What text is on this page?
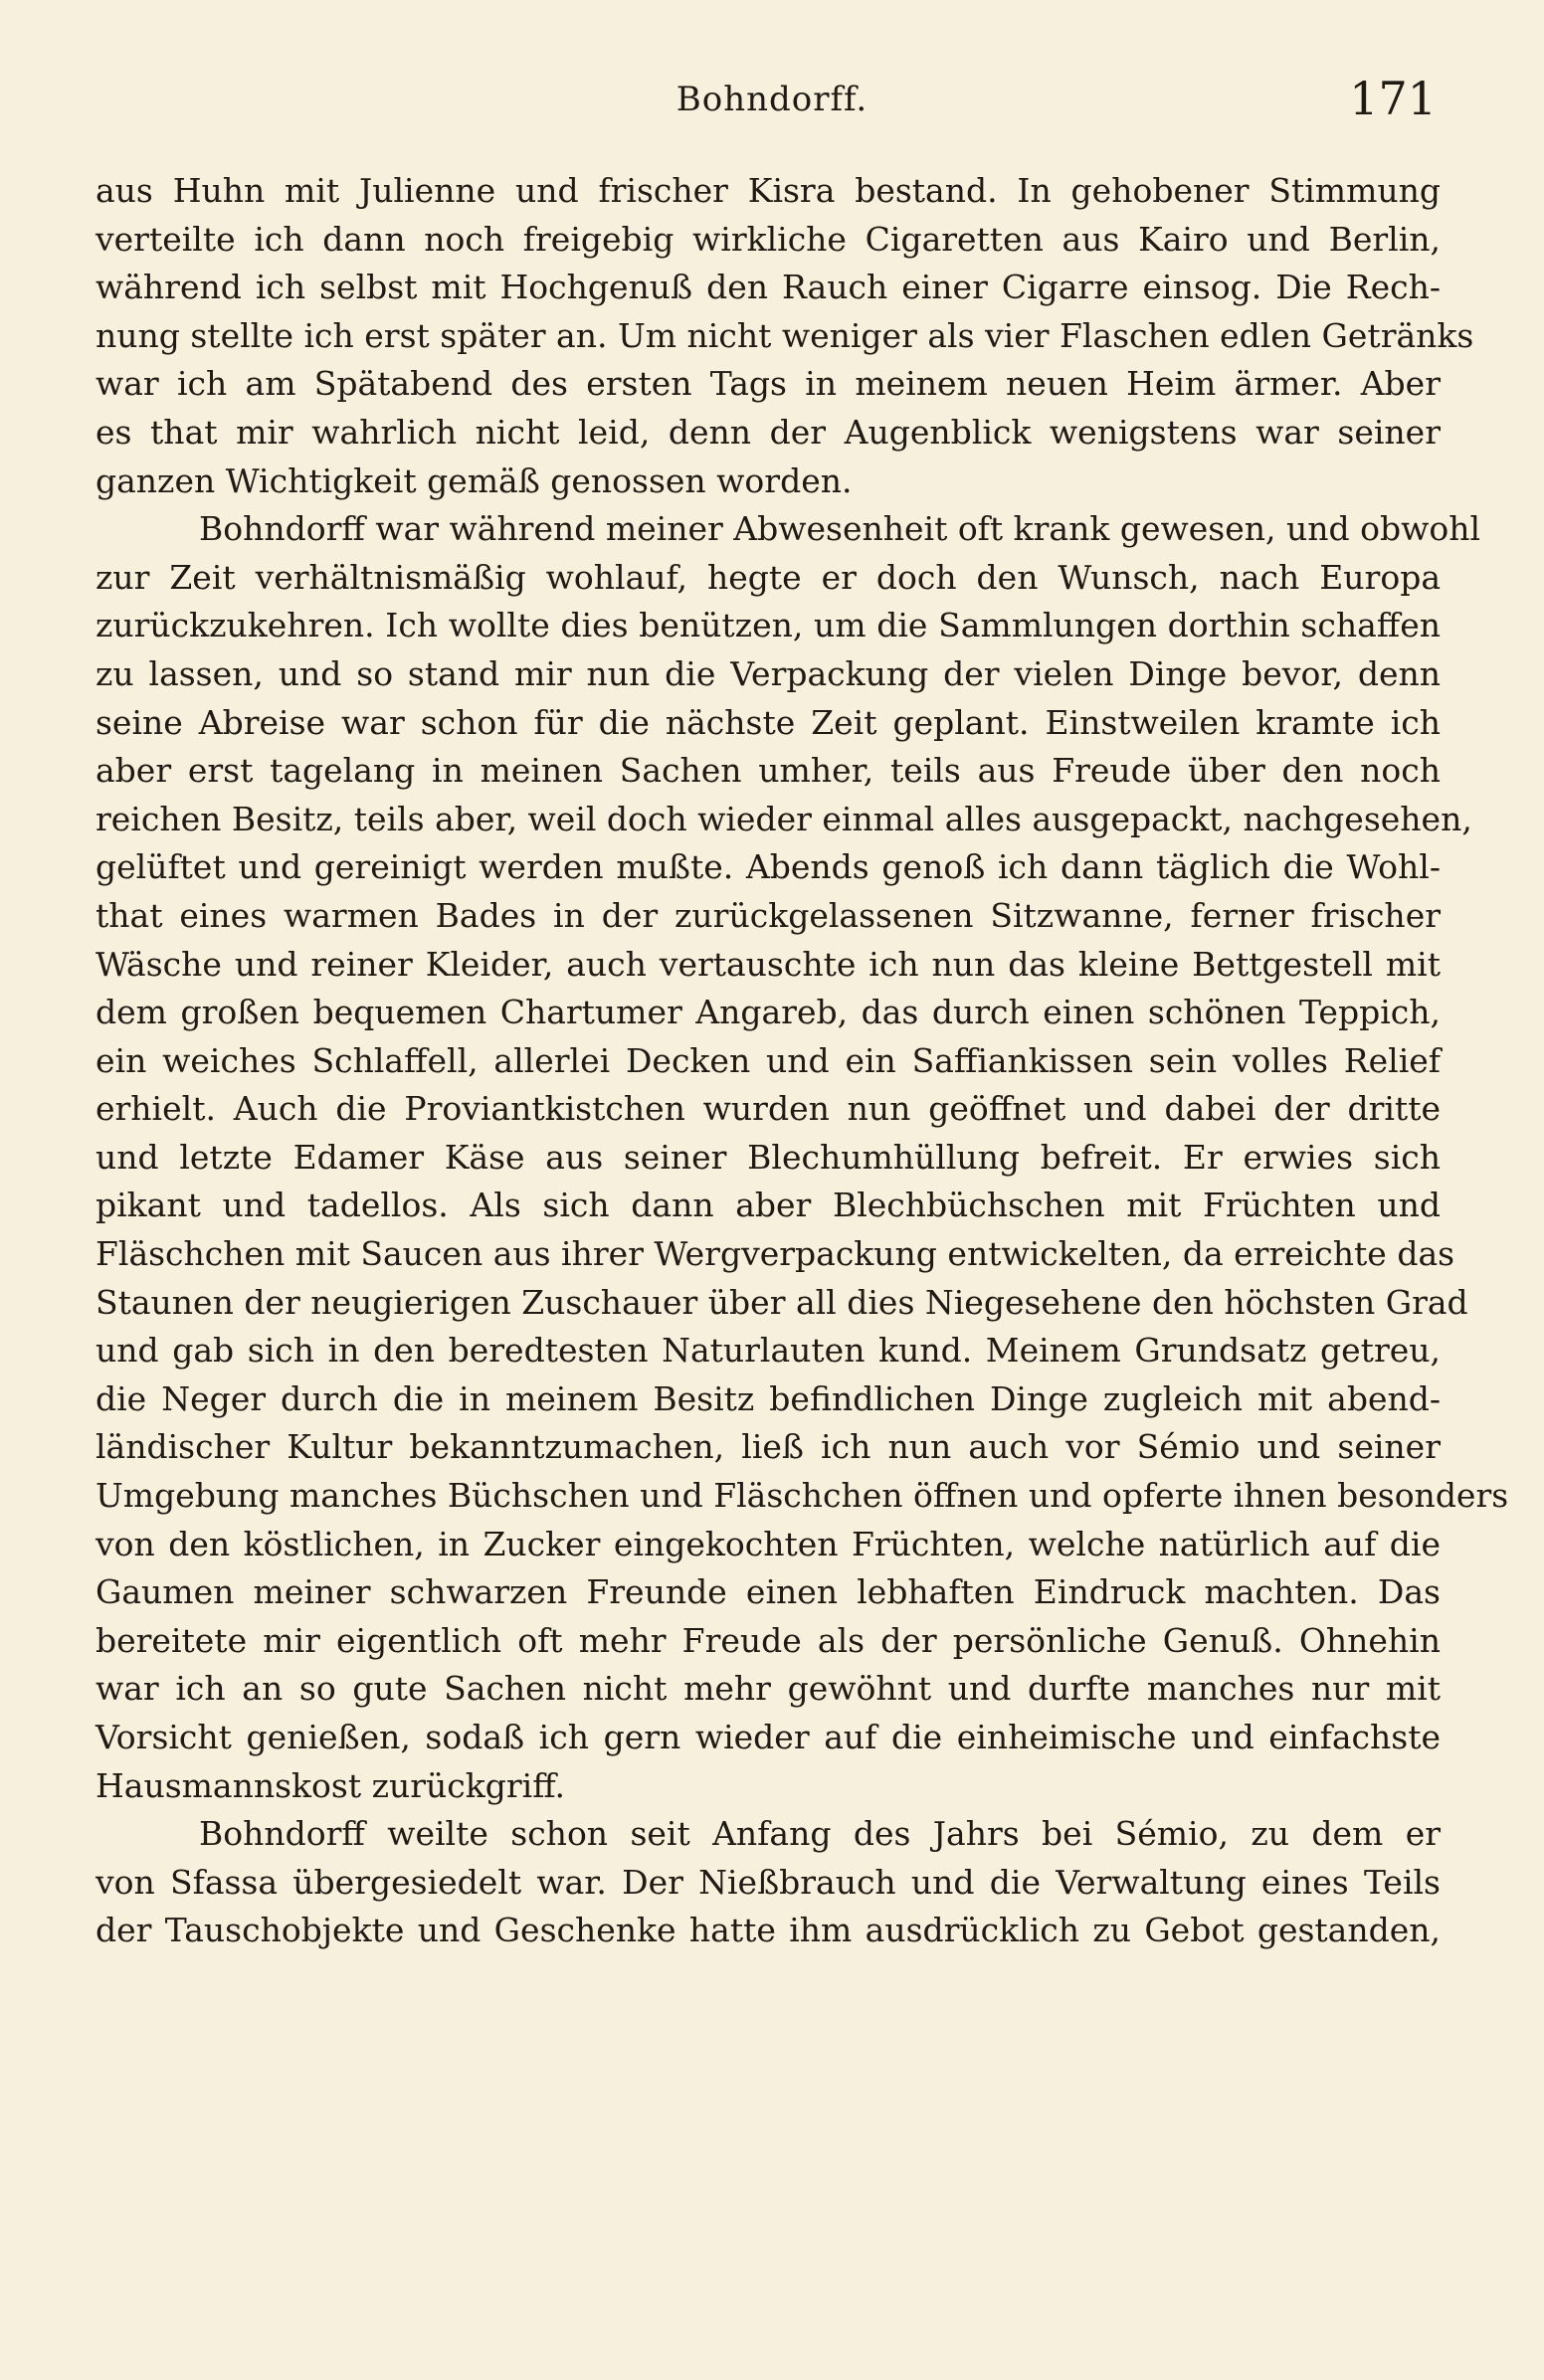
Bohndorff.	171
aus Huhn mit Julienne und frischer Kisra bestand. In gehobener Stimmung
verteilte ich dann noch freigebig wirkliche Cigaretten aus Kairo und Berlin,
während ich selbst mit Hochgenuß den Rauch einer Cigarre einsog. Die Rech-
nung stellte ich erst später an. Um nicht weniger als vier Flaschen edlen Getränks
war ich am Spätabend des ersten Tags in meinem neuen Heim ärmer. Aber
es that mir wahrlich nicht leid, denn der Augenblick wenigstens war seiner
ganzen Wichtigkeit gemäß genossen worden.
Bohndorff war während meiner Abwesenheit oft krank gewesen, und obwohl
zur Zeit verhältnismäßig wohlauf, hegte er doch den Wunsch, nach Europa
zurückzukehren. Ich wollte dies benützen, um die Sammlungen dorthin schaffen
zu lassen, und so stand mir nun die Verpackung der vielen Dinge bevor, denn
seine Abreise war schon für die nächste Zeit geplant. Einstweilen kramte ich
aber erst tagelang in meinen Sachen umher, teils aus Freude über den noch
reichen Besitz, teils aber, weil doch wieder einmal alles ausgepackt, nachgesehen,
gelüftet und gereinigt werden mußte. Abends genoß ich dann täglich die Wohl-
that eines warmen Bades in der zurückgelassenen Sitzwanne, ferner frischer
Wäsche und reiner Kleider, auch vertauschte ich nun das kleine Bettgestell mit
dem großen bequemen Chartumer Angareb, das durch einen schönen Teppich,
ein weiches Schlaffell, allerlei Decken und ein Saffiankissen sein volles Relief
erhielt. Auch die Proviantkistchen wurden nun geöffnet und dabei der dritte
und letzte Edamer Käse aus seiner Blechumhüllung befreit. Er erwies sich
pikant und tadellos. Als sich dann aber Blechbüchschen mit Früchten und
Fläschchen mit Saucen aus ihrer Wergverpackung entwickelten, da erreichte das
Staunen der neugierigen Zuschauer über all dies Niegesehene den höchsten Grad
und gab sich in den beredtesten Naturlauten kund. Meinem Grundsatz getreu,
die Neger durch die in meinem Besitz befindlichen Dinge zugleich mit abend-
ländischer Kultur bekanntzumachen, ließ ich nun auch vor Sémio und seiner
Umgebung manches Büchschen und Fläschchen öffnen und opferte ihnen besonders
von den köstlichen, in Zucker eingekochten Früchten, welche natürlich auf die
Gaumen meiner schwarzen Freunde einen lebhaften Eindruck machten. Das
bereitete mir eigentlich oft mehr Freude als der persönliche Genuß. Ohnehin
war ich an so gute Sachen nicht mehr gewöhnt und durfte manches nur mit
Vorsicht genießen, sodaß ich gern wieder auf die einheimische und einfachste
Hausmannskost zurückgriff.
Bohndorff weilte schon seit Anfang des Jahrs bei Sémio, zu dem er
von Sfassa übergesiedelt war. Der Nießbrauch und die Verwaltung eines Teils
der Tauschobjekte und Geschenke hatte ihm ausdrücklich zu Gebot gestanden,
